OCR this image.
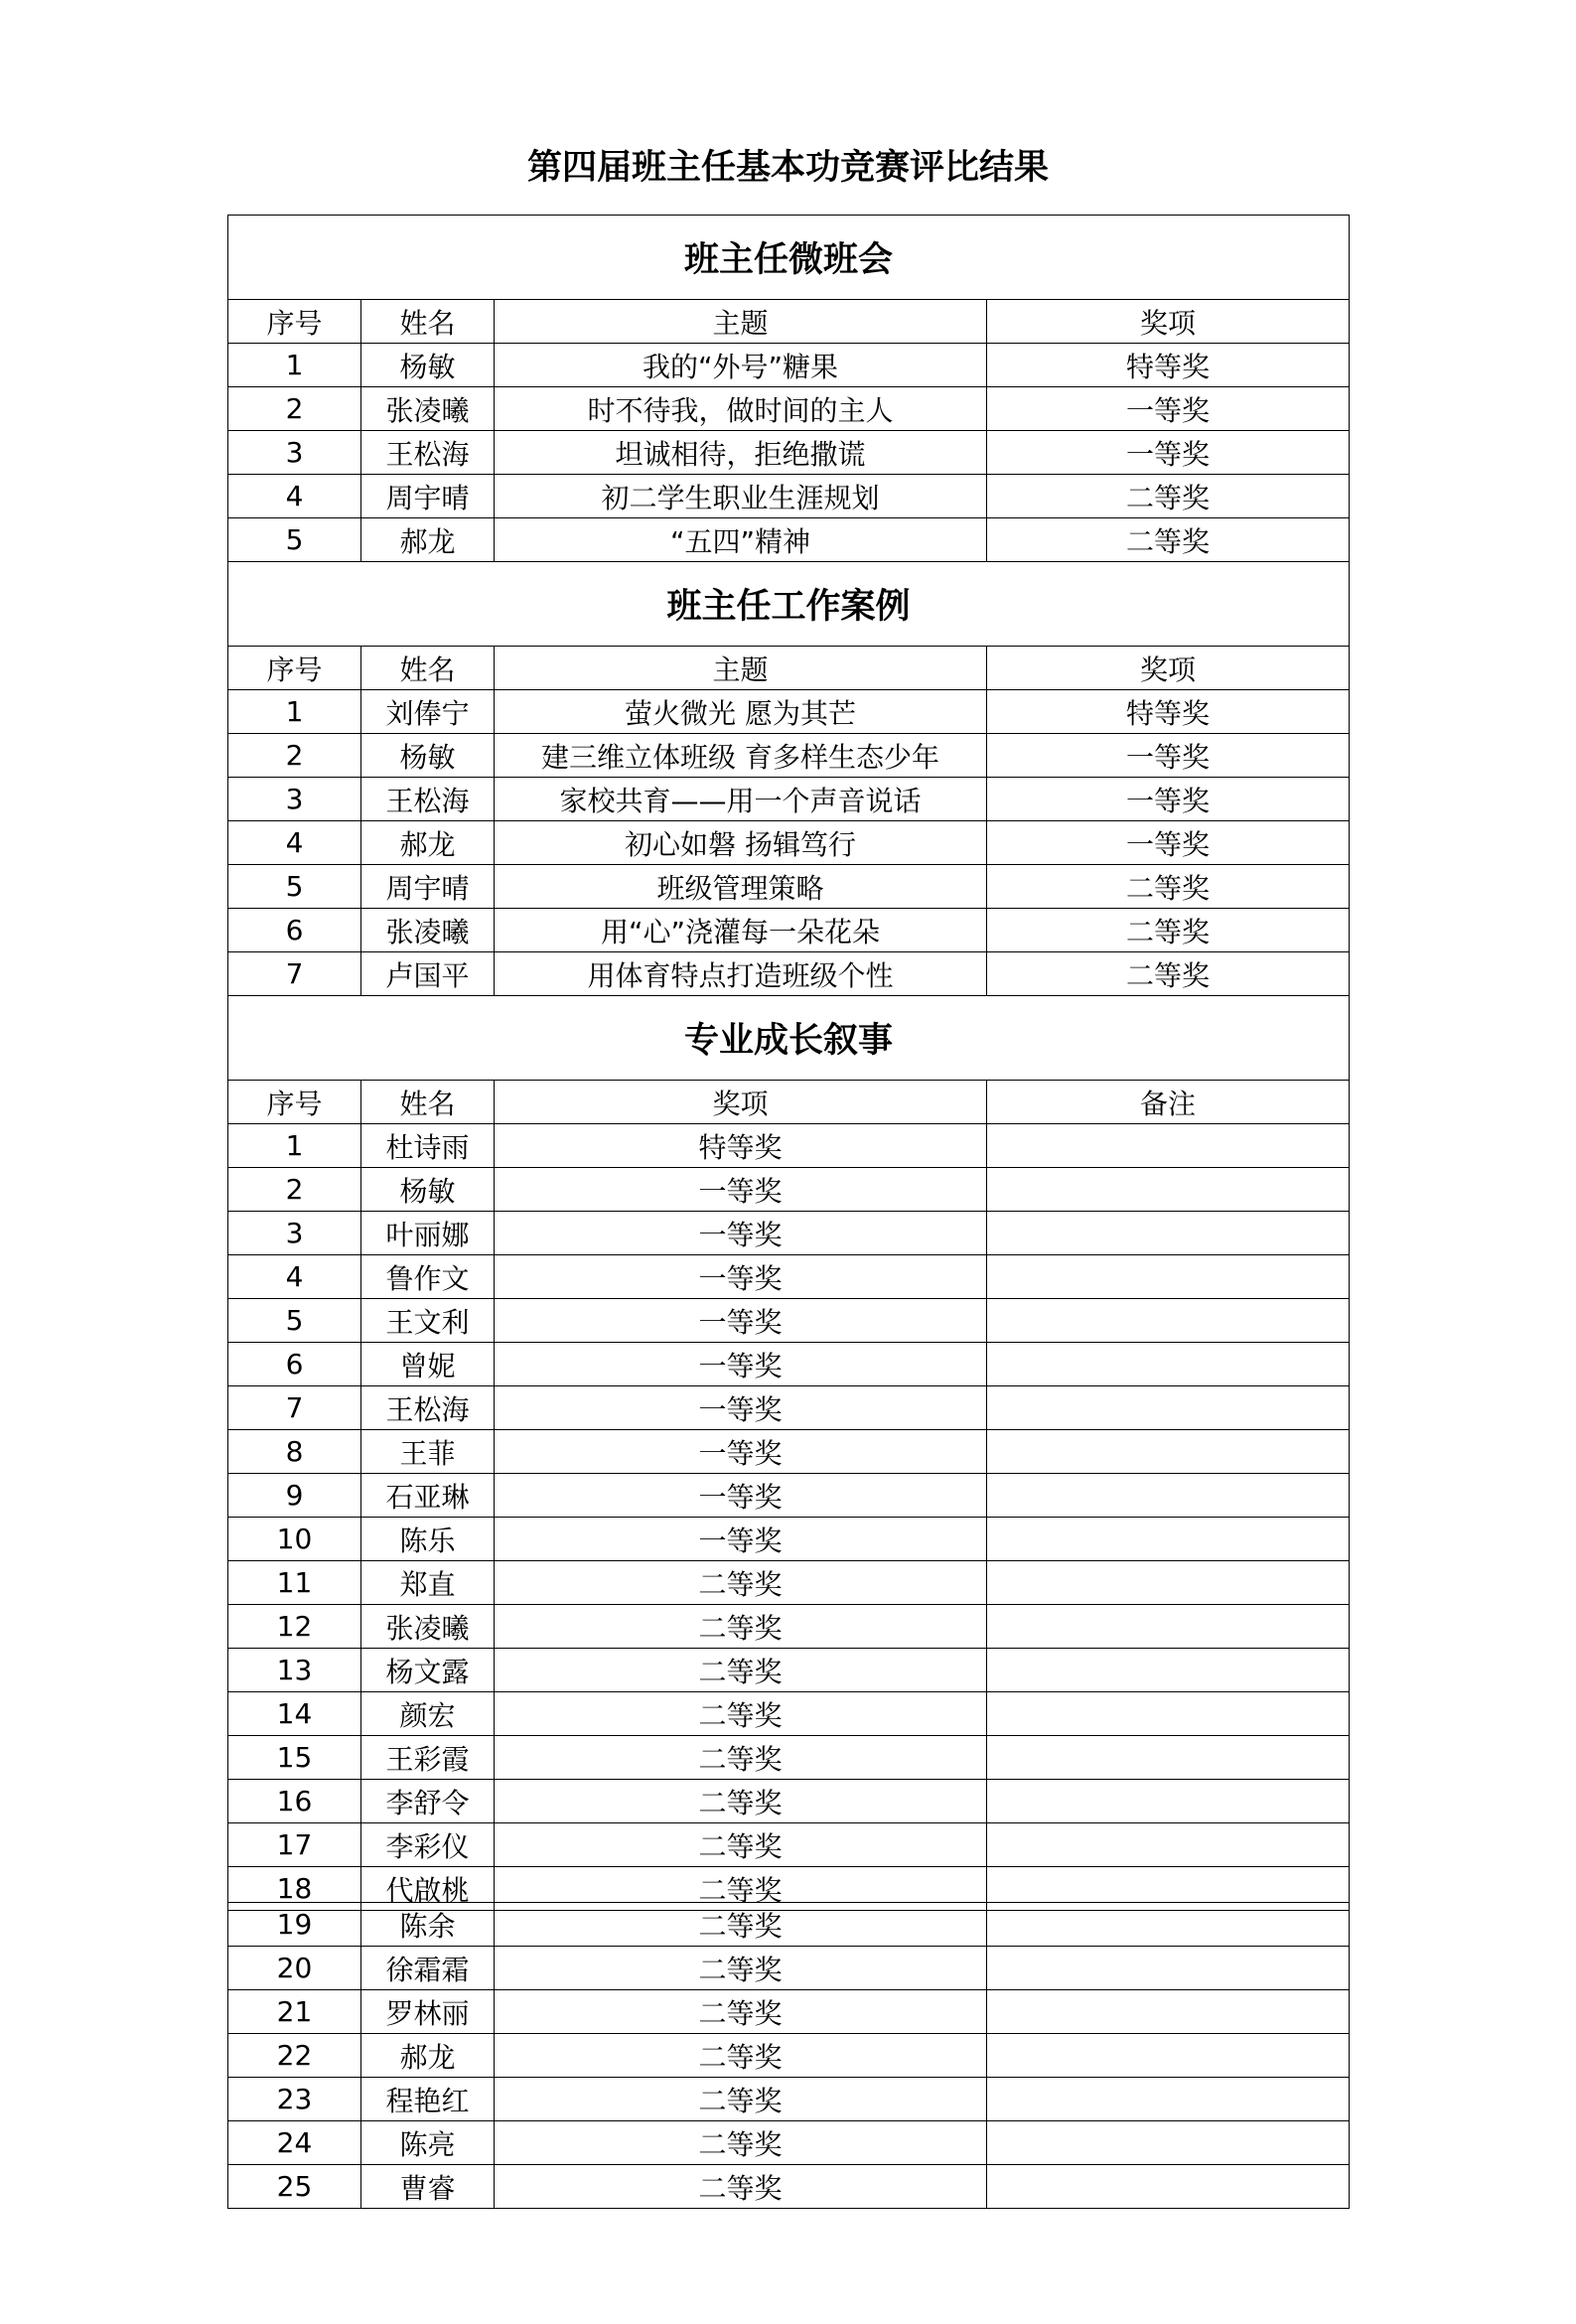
第四届班主任基本功竞赛评比结果
班主任微班会			
序号	姓名	主题	奖项
1	杨敏	我的“外号”糖果	特等奖
2	张凌曦	时不待我，做时间的主人	一等奖
3	王松海	坦诚相待，拒绝撒谎	一等奖
4	周宇晴	初二学生职业生涯规划	二等奖
5	郝龙	“五四”精神	二等奖
班主任工作案例			
序号	姓名	主题	奖项
1	刘俸宁	萤火微光 愿为其芒	特等奖
2	杨敏	建三维立体班级 育多样生态少年	一等奖
3	王松海	家校共育——用一个声音说话	一等奖
4	郝龙	初心如磐 扬辑笃行	一等奖
5	周宇晴	班级管理策略	二等奖
6	张凌曦	用“心”浇灌每一朵花朵	二等奖
7	卢国平	用体育特点打造班级个性	二等奖
专业成长叙事			
序号	姓名	奖项	备注
1	杜诗雨	特等奖	
2	杨敏	一等奖	
3	叶丽娜	一等奖	
4	鲁作文	一等奖	
5	王文利	一等奖	
6	曾妮	一等奖	
7	王松海	一等奖	
8	王菲	一等奖	
9	石亚琳	一等奖	
10	陈乐	一等奖	
11	郑直	二等奖	
12	张凌曦	二等奖	
13	杨文露	二等奖	
14	颜宏	二等奖	
15	王彩霞	二等奖	
16	李舒令	二等奖	
17	李彩仪	二等奖	
18	代啟桃	二等奖	
19	陈余	二等奖	
20	徐霜霜	二等奖	
21	罗林丽	二等奖	
22	郝龙	二等奖	
23	程艳红	二等奖	
24	陈亮	二等奖	
25	曹睿	二等奖	
